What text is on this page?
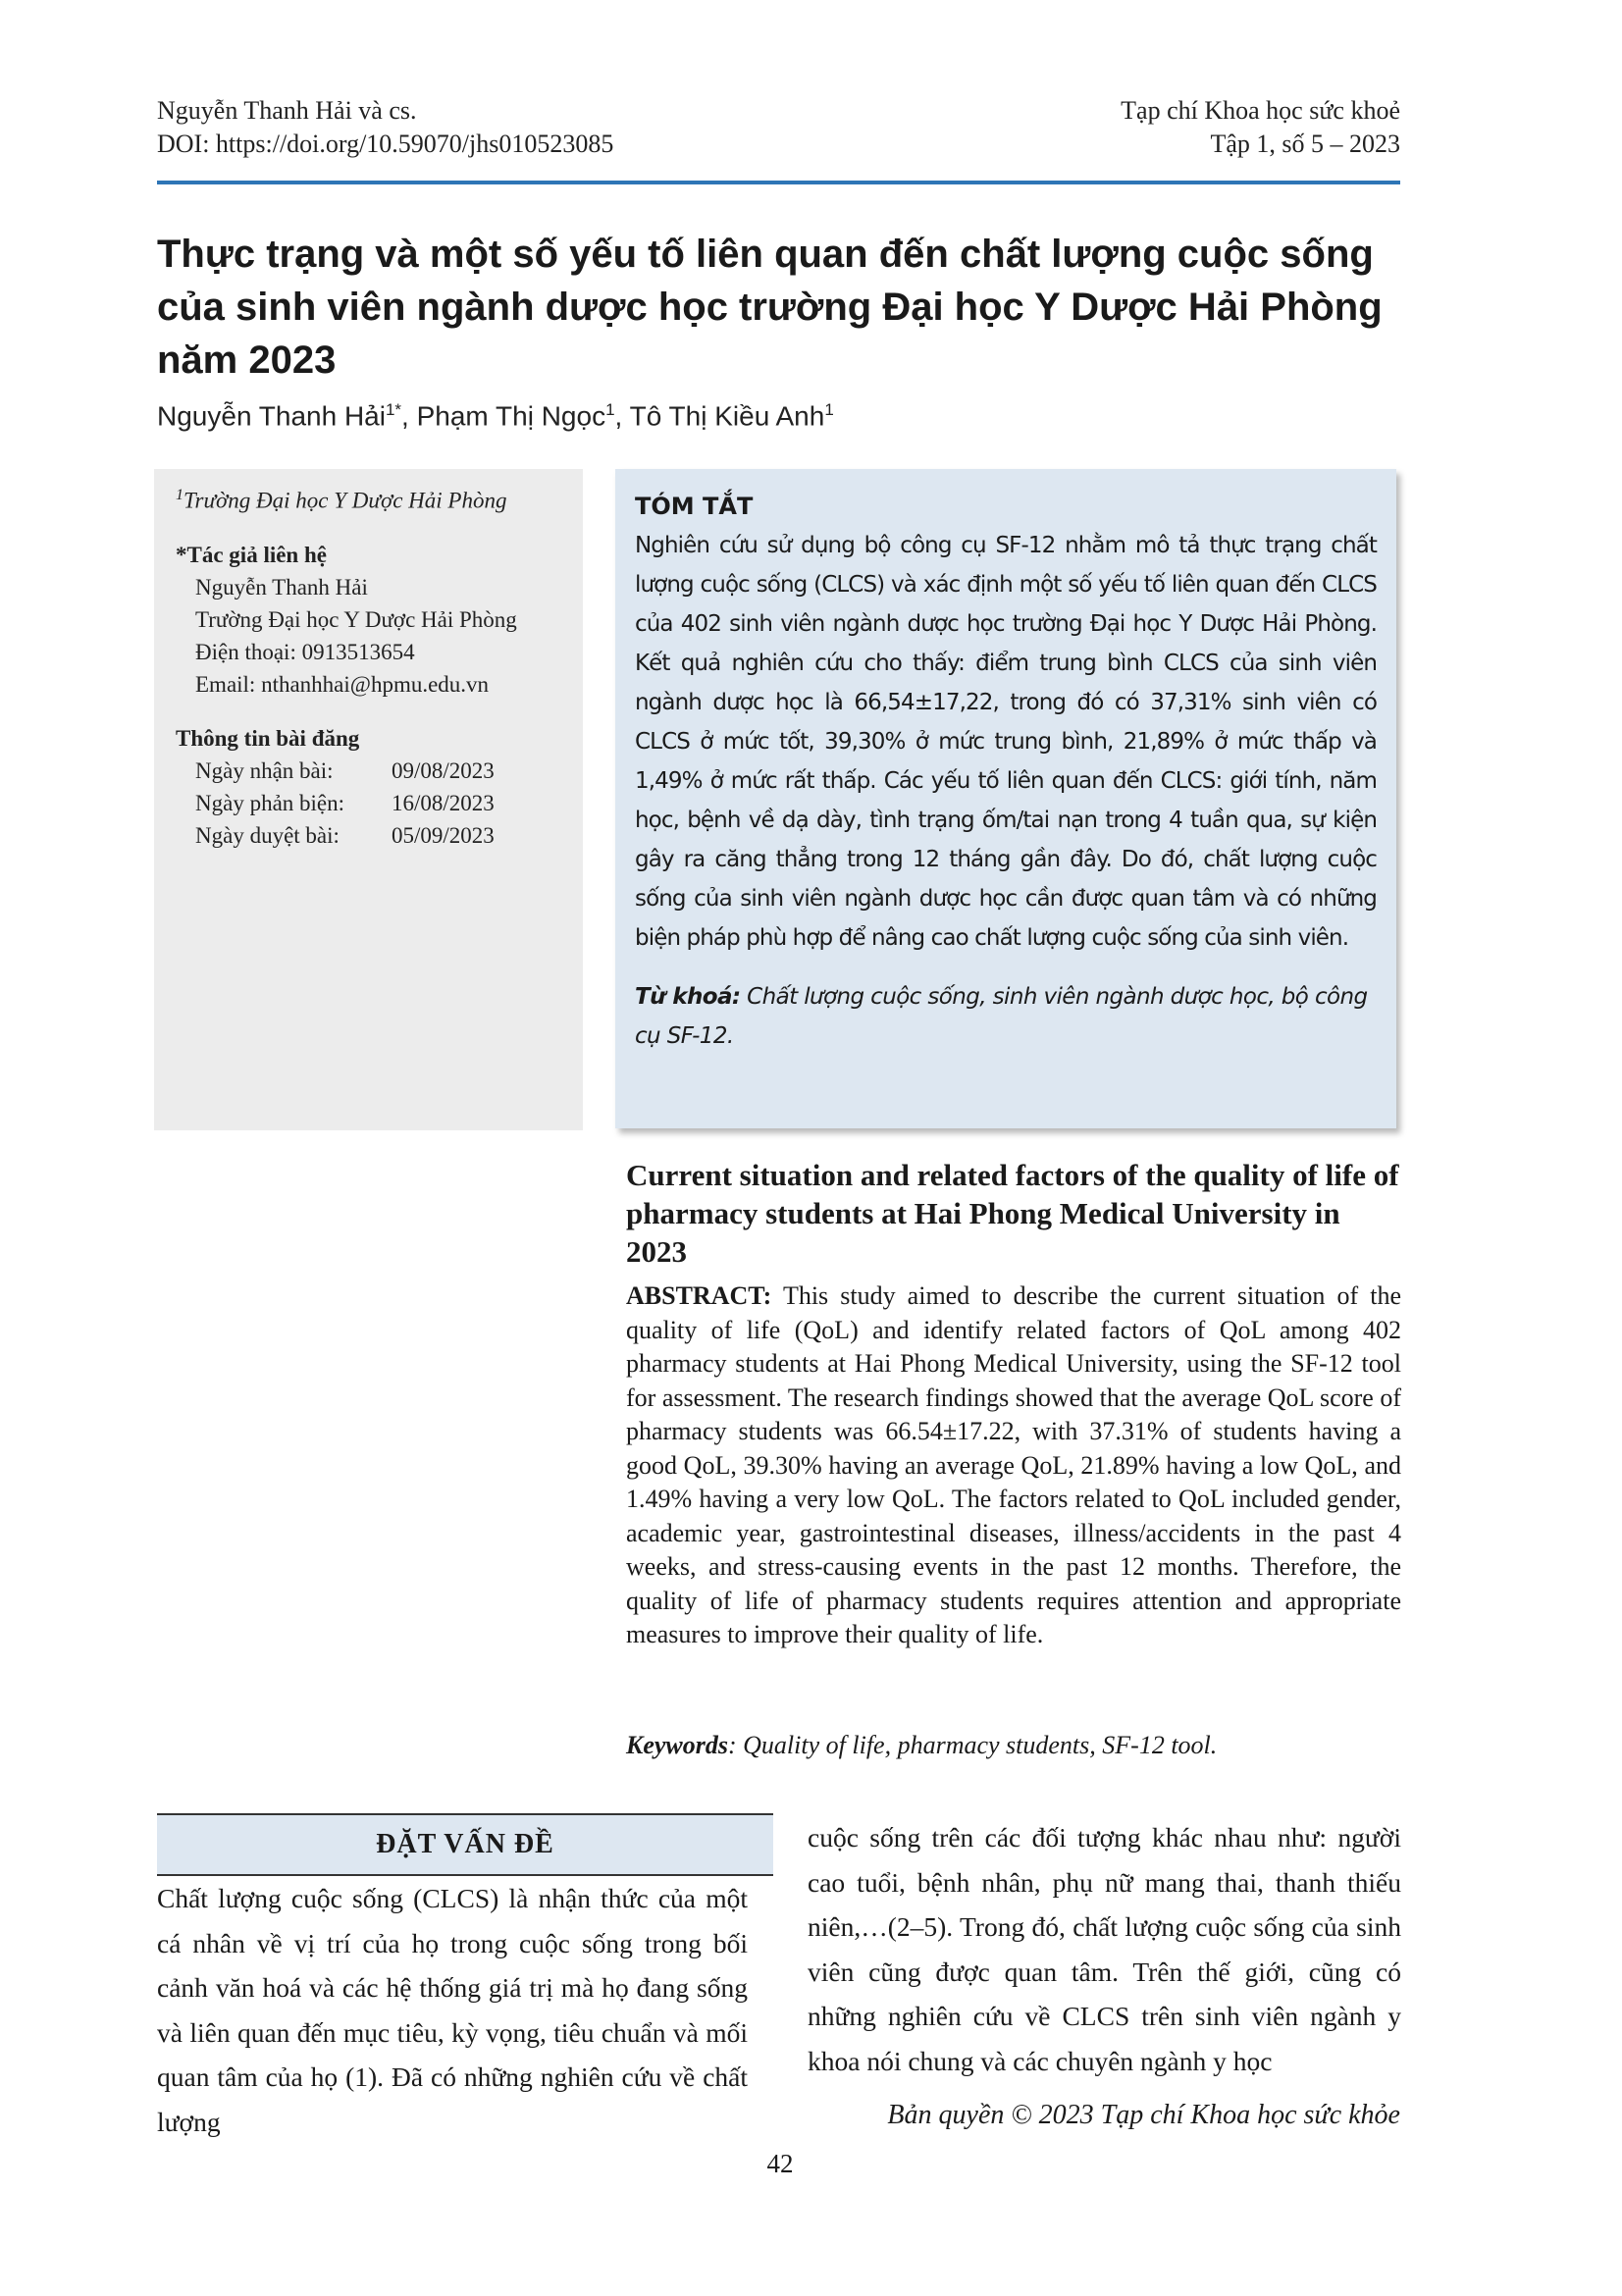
Nguyễn Thanh Hải và cs.
DOI: https://doi.org/10.59070/jhs010523085
Tạp chí Khoa học sức khoẻ
Tập 1, số 5 – 2023
Thực trạng và một số yếu tố liên quan đến chất lượng cuộc sống của sinh viên ngành dược học trường Đại học Y Dược Hải Phòng năm 2023
Nguyễn Thanh Hải$^{1*}$, Phạm Thị Ngọc$^1$, Tô Thị Kiều Anh$^1$
$^1$Trường Đại học Y Dược Hải Phòng
*Tác giả liên hệ
Nguyễn Thanh Hải
Trường Đại học Y Dược Hải Phòng
Điện thoại: 0913513654
Email: nthanhhai@hpmu.edu.vn
Thông tin bài đăng
Ngày nhận bài:	09/08/2023
Ngày phản biện:	16/08/2023
Ngày duyệt bài:	05/09/2023
TÓM TẮT
Nghiên cứu sử dụng bộ công cụ SF-12 nhằm mô tả thực trạng chất lượng cuộc sống (CLCS) và xác định một số yếu tố liên quan đến CLCS của 402 sinh viên ngành dược học trường Đại học Y Dược Hải Phòng. Kết quả nghiên cứu cho thấy: điểm trung bình CLCS của sinh viên ngành dược học là 66,54±17,22, trong đó có 37,31% sinh viên có CLCS ở mức tốt, 39,30% ở mức trung bình, 21,89% ở mức thấp và 1,49% ở mức rất thấp. Các yếu tố liên quan đến CLCS: giới tính, năm học, bệnh về dạ dày, tình trạng ốm/tai nạn trong 4 tuần qua, sự kiện gây ra căng thẳng trong 12 tháng gần đây. Do đó, chất lượng cuộc sống của sinh viên ngành dược học cần được quan tâm và có những biện pháp phù hợp để nâng cao chất lượng cuộc sống của sinh viên.
Từ khoá: Chất lượng cuộc sống, sinh viên ngành dược học, bộ công cụ SF-12.
Current situation and related factors of the quality of life of pharmacy students at Hai Phong Medical University in 2023
ABSTRACT: This study aimed to describe the current situation of the quality of life (QoL) and identify related factors of QoL among 402 pharmacy students at Hai Phong Medical University, using the SF-12 tool for assessment. The research findings showed that the average QoL score of pharmacy students was 66.54±17.22, with 37.31% of students having a good QoL, 39.30% having an average QoL, 21.89% having a low QoL, and 1.49% having a very low QoL. The factors related to QoL included gender, academic year, gastrointestinal diseases, illness/accidents in the past 4 weeks, and stress-causing events in the past 12 months. Therefore, the quality of life of pharmacy students requires attention and appropriate measures to improve their quality of life.
Keywords: Quality of life, pharmacy students, SF-12 tool.
ĐẶT VẤN ĐỀ
Chất lượng cuộc sống (CLCS) là nhận thức của một cá nhân về vị trí của họ trong cuộc sống trong bối cảnh văn hoá và các hệ thống giá trị mà họ đang sống và liên quan đến mục tiêu, kỳ vọng, tiêu chuẩn và mối quan tâm của họ (1). Đã có những nghiên cứu về chất lượng
cuộc sống trên các đối tượng khác nhau như: người cao tuổi, bệnh nhân, phụ nữ mang thai, thanh thiếu niên,…(2–5). Trong đó, chất lượng cuộc sống của sinh viên cũng được quan tâm. Trên thế giới, cũng có những nghiên cứu về CLCS trên sinh viên ngành y khoa nói chung và các chuyên ngành y học
Bản quyền © 2023 Tạp chí Khoa học sức khỏe
42
